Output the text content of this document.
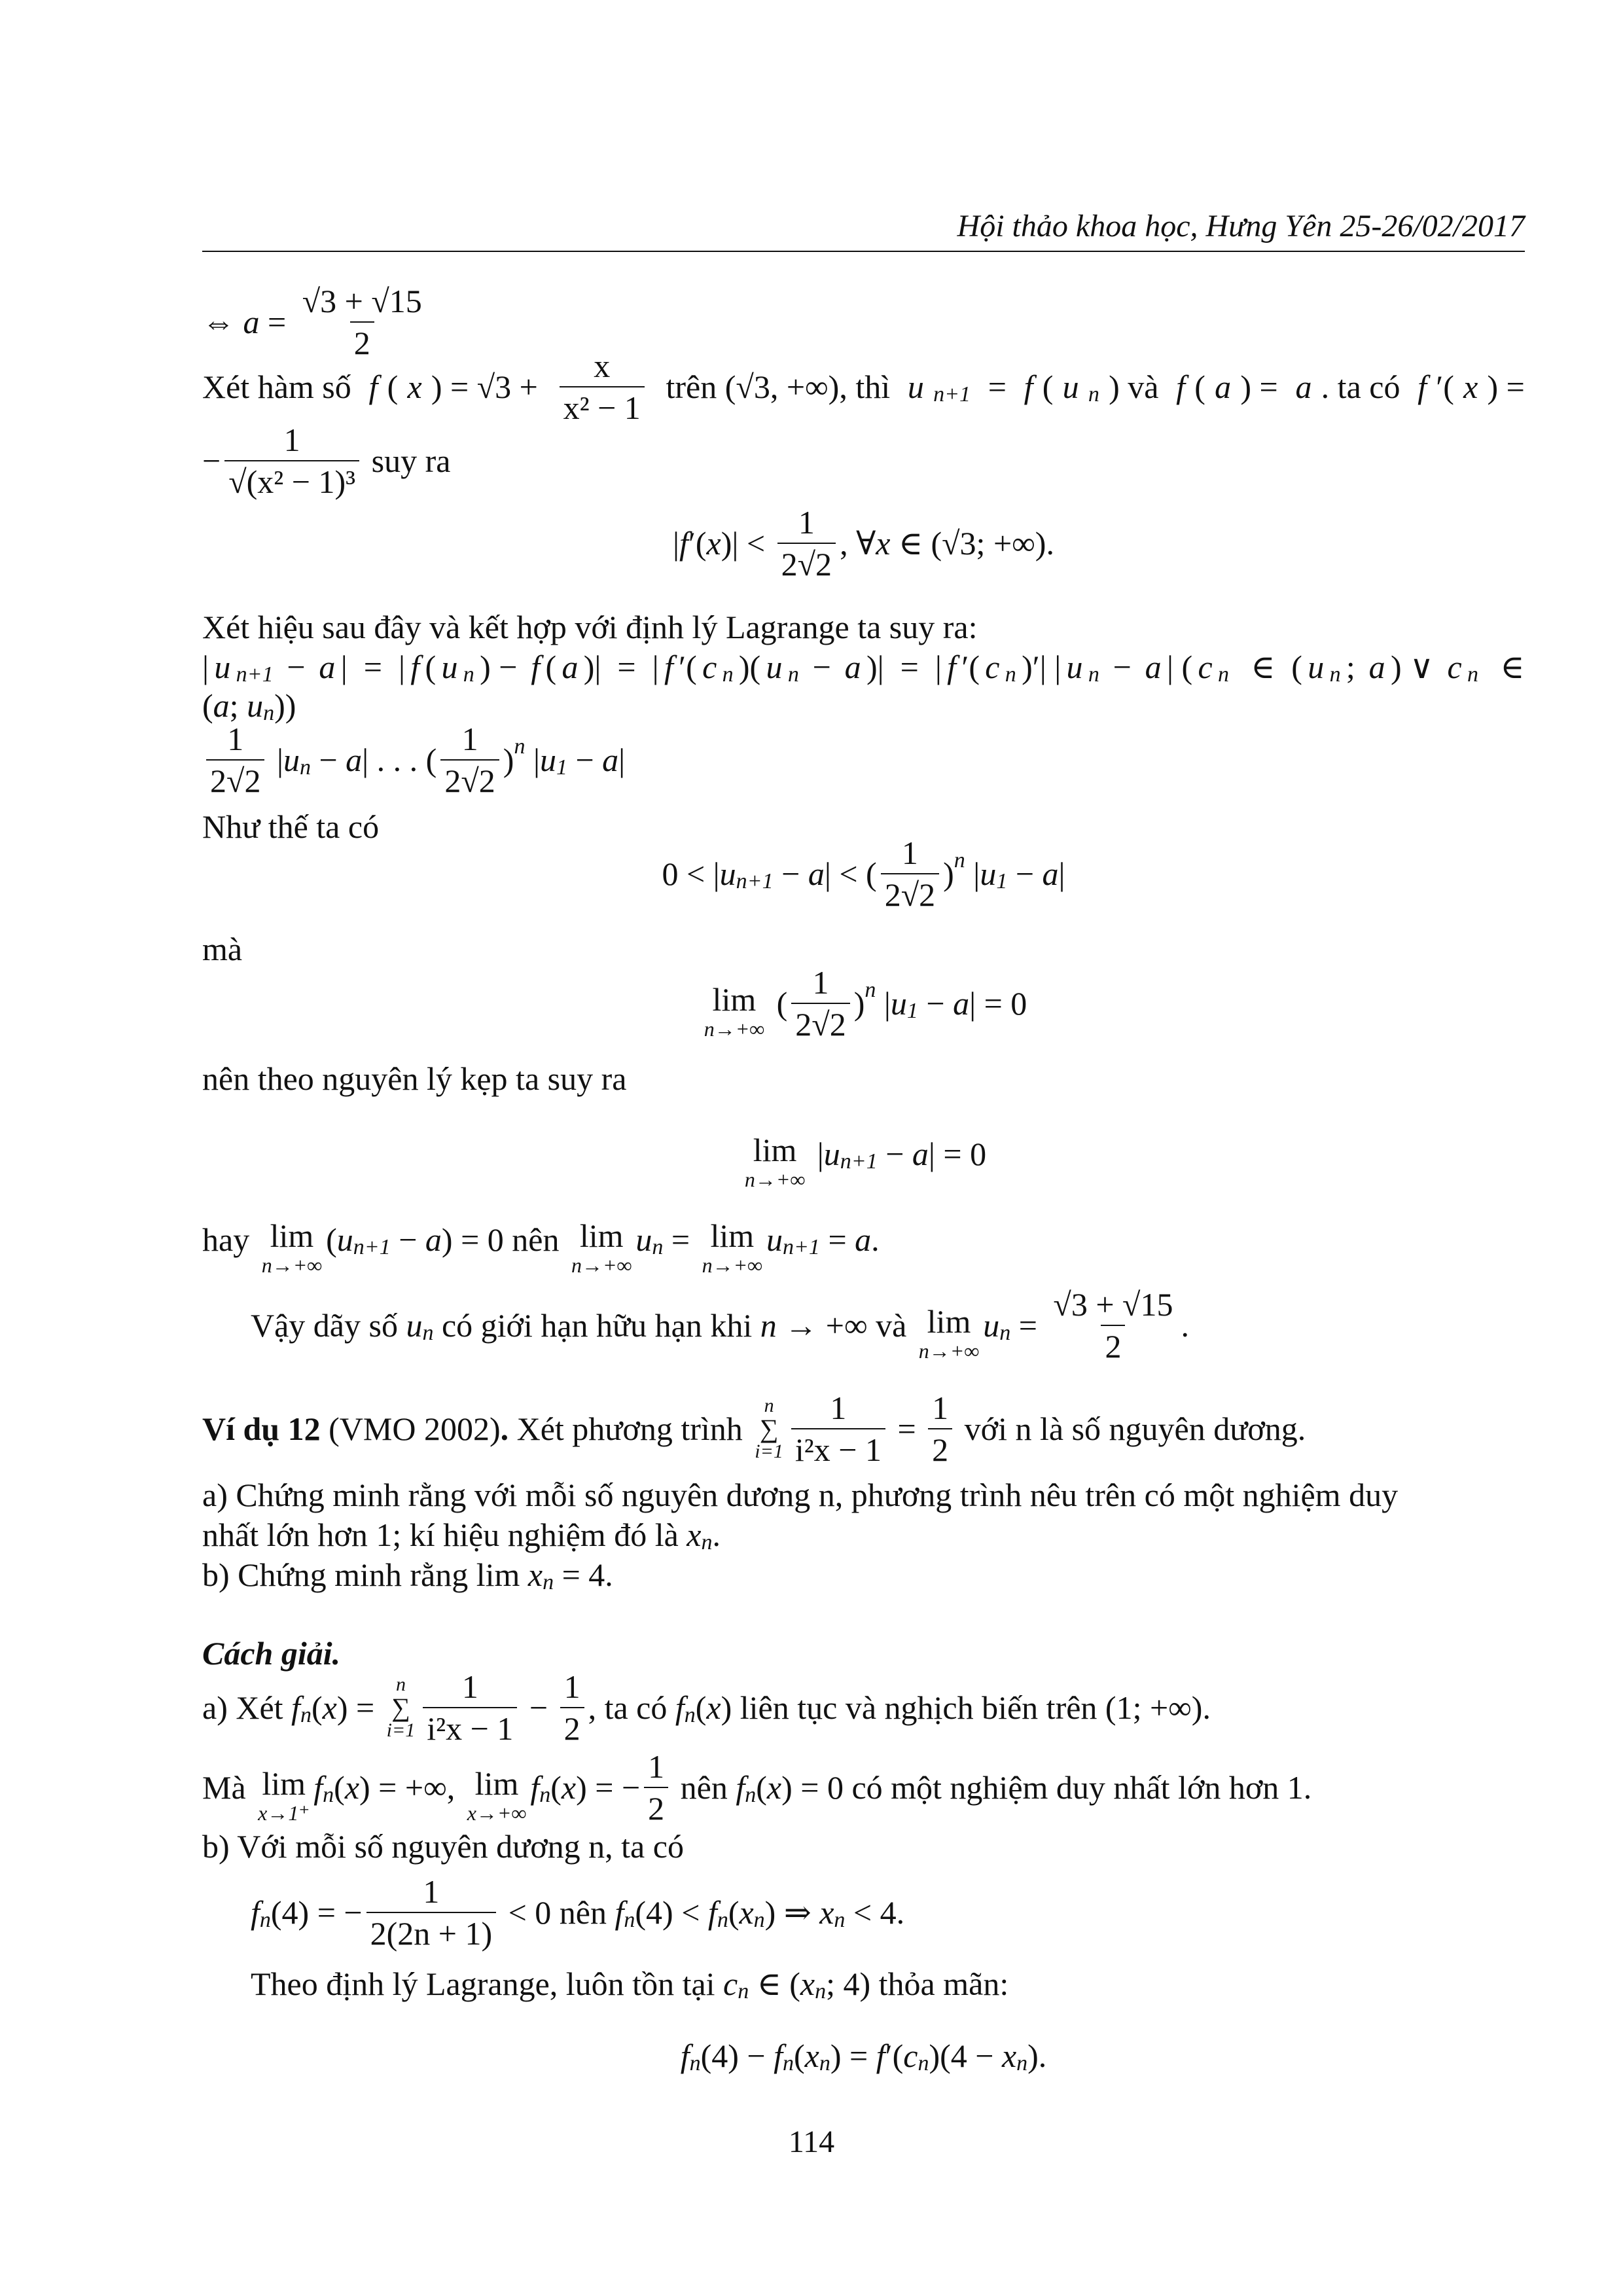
Hội thảo khoa học, Hưng Yên 25-26/02/2017
⇔ $a = \frac{√3 + √15}{2}$
Xét hàm số f ( x ) = $√3 + \frac{x}{\text{x² − 1}}$ trên (√3, +∞), thì u n+1 = f ( u n ) và f ( a ) = a . ta có f ′( x ) =
− $\frac{1}{\text{√(x² − 1)³}}$ suy ra
| f ′( x )| < $\frac{1}{2√2}$ , ∀ x ∈ (√3; +∞).
Xét hiệu sau đây và kết hợp với định lý Lagrange ta suy ra:
| u n+1 − a |  =  | f ( u n ) − f ( a )|  =  | f ′( c n )( u n − a )|  =  | f ′( c n )′| | u n − a | ( c n ∈  ( u n ; a ) ∨ c n ∈
( a ; u n ))
$\frac{1}{2√2}$ | u n − a | . . . ( $\frac{1}{2√2}$ ) n | u 1 − a |
Như thế ta có
0 < | u n+1 − a | < ( $\frac{1}{2√2}$ ) n | u 1 − a |
mà
lim
n→+∞
( $\frac{1}{2√2}$ ) n | u 1 − a | = 0
nên theo nguyên lý kẹp ta suy ra
lim
n→+∞
| u n+1 − a | = 0
hay lim
n→+∞
( u n+1 − a ) = 0 nên lim
n→+∞
u n = lim
n→+∞
u n+1 = a .
Vậy dãy số u n có giới hạn hữu hạn khi n → +∞ và lim
n→+∞
u $n = \frac{√3 + √15}{2}$ .
Ví dụ 12 (VMO 2002) . Xét phương trình
n
∑
$i=1 \frac{1}{\text{i²x − 1}} = \frac{1}{2}$ với n là số nguyên dương.
a) Chứng minh rằng với mỗi số nguyên dương n, phương trình nêu trên có một nghiệm duy
nhất lớn hơn 1; kí hiệu nghiệm đó là x n .
b) Chứng minh rằng lim x n = 4.
Cách giải.
a) Xét f n ( x ) =
n
∑
$i=1 \frac{1}{\text{i²x − 1}} - \frac{1}{2}$ , ta có f n ( x ) liên tục và nghịch biến trên (1; +∞).
Mà lim
x→1⁺
f n ( x ) = +∞, lim
x→+∞
f n ( x ) = − $\frac{1}{2}$ nên f n ( x ) = 0 có một nghiệm duy nhất lớn hơn 1.
b) Với mỗi số nguyên dương n, ta có
f n (4) = − $\frac{1}{2(2n + 1)} < 0$ nên f n (4) < f n ( x n ) ⇒ x n < 4.
Theo định lý Lagrange, luôn tồn tại c n ∈ ( x n ; 4) thỏa mãn:
f n (4) − f n ( x n ) = f ′( c n )(4 − x n ).
114
